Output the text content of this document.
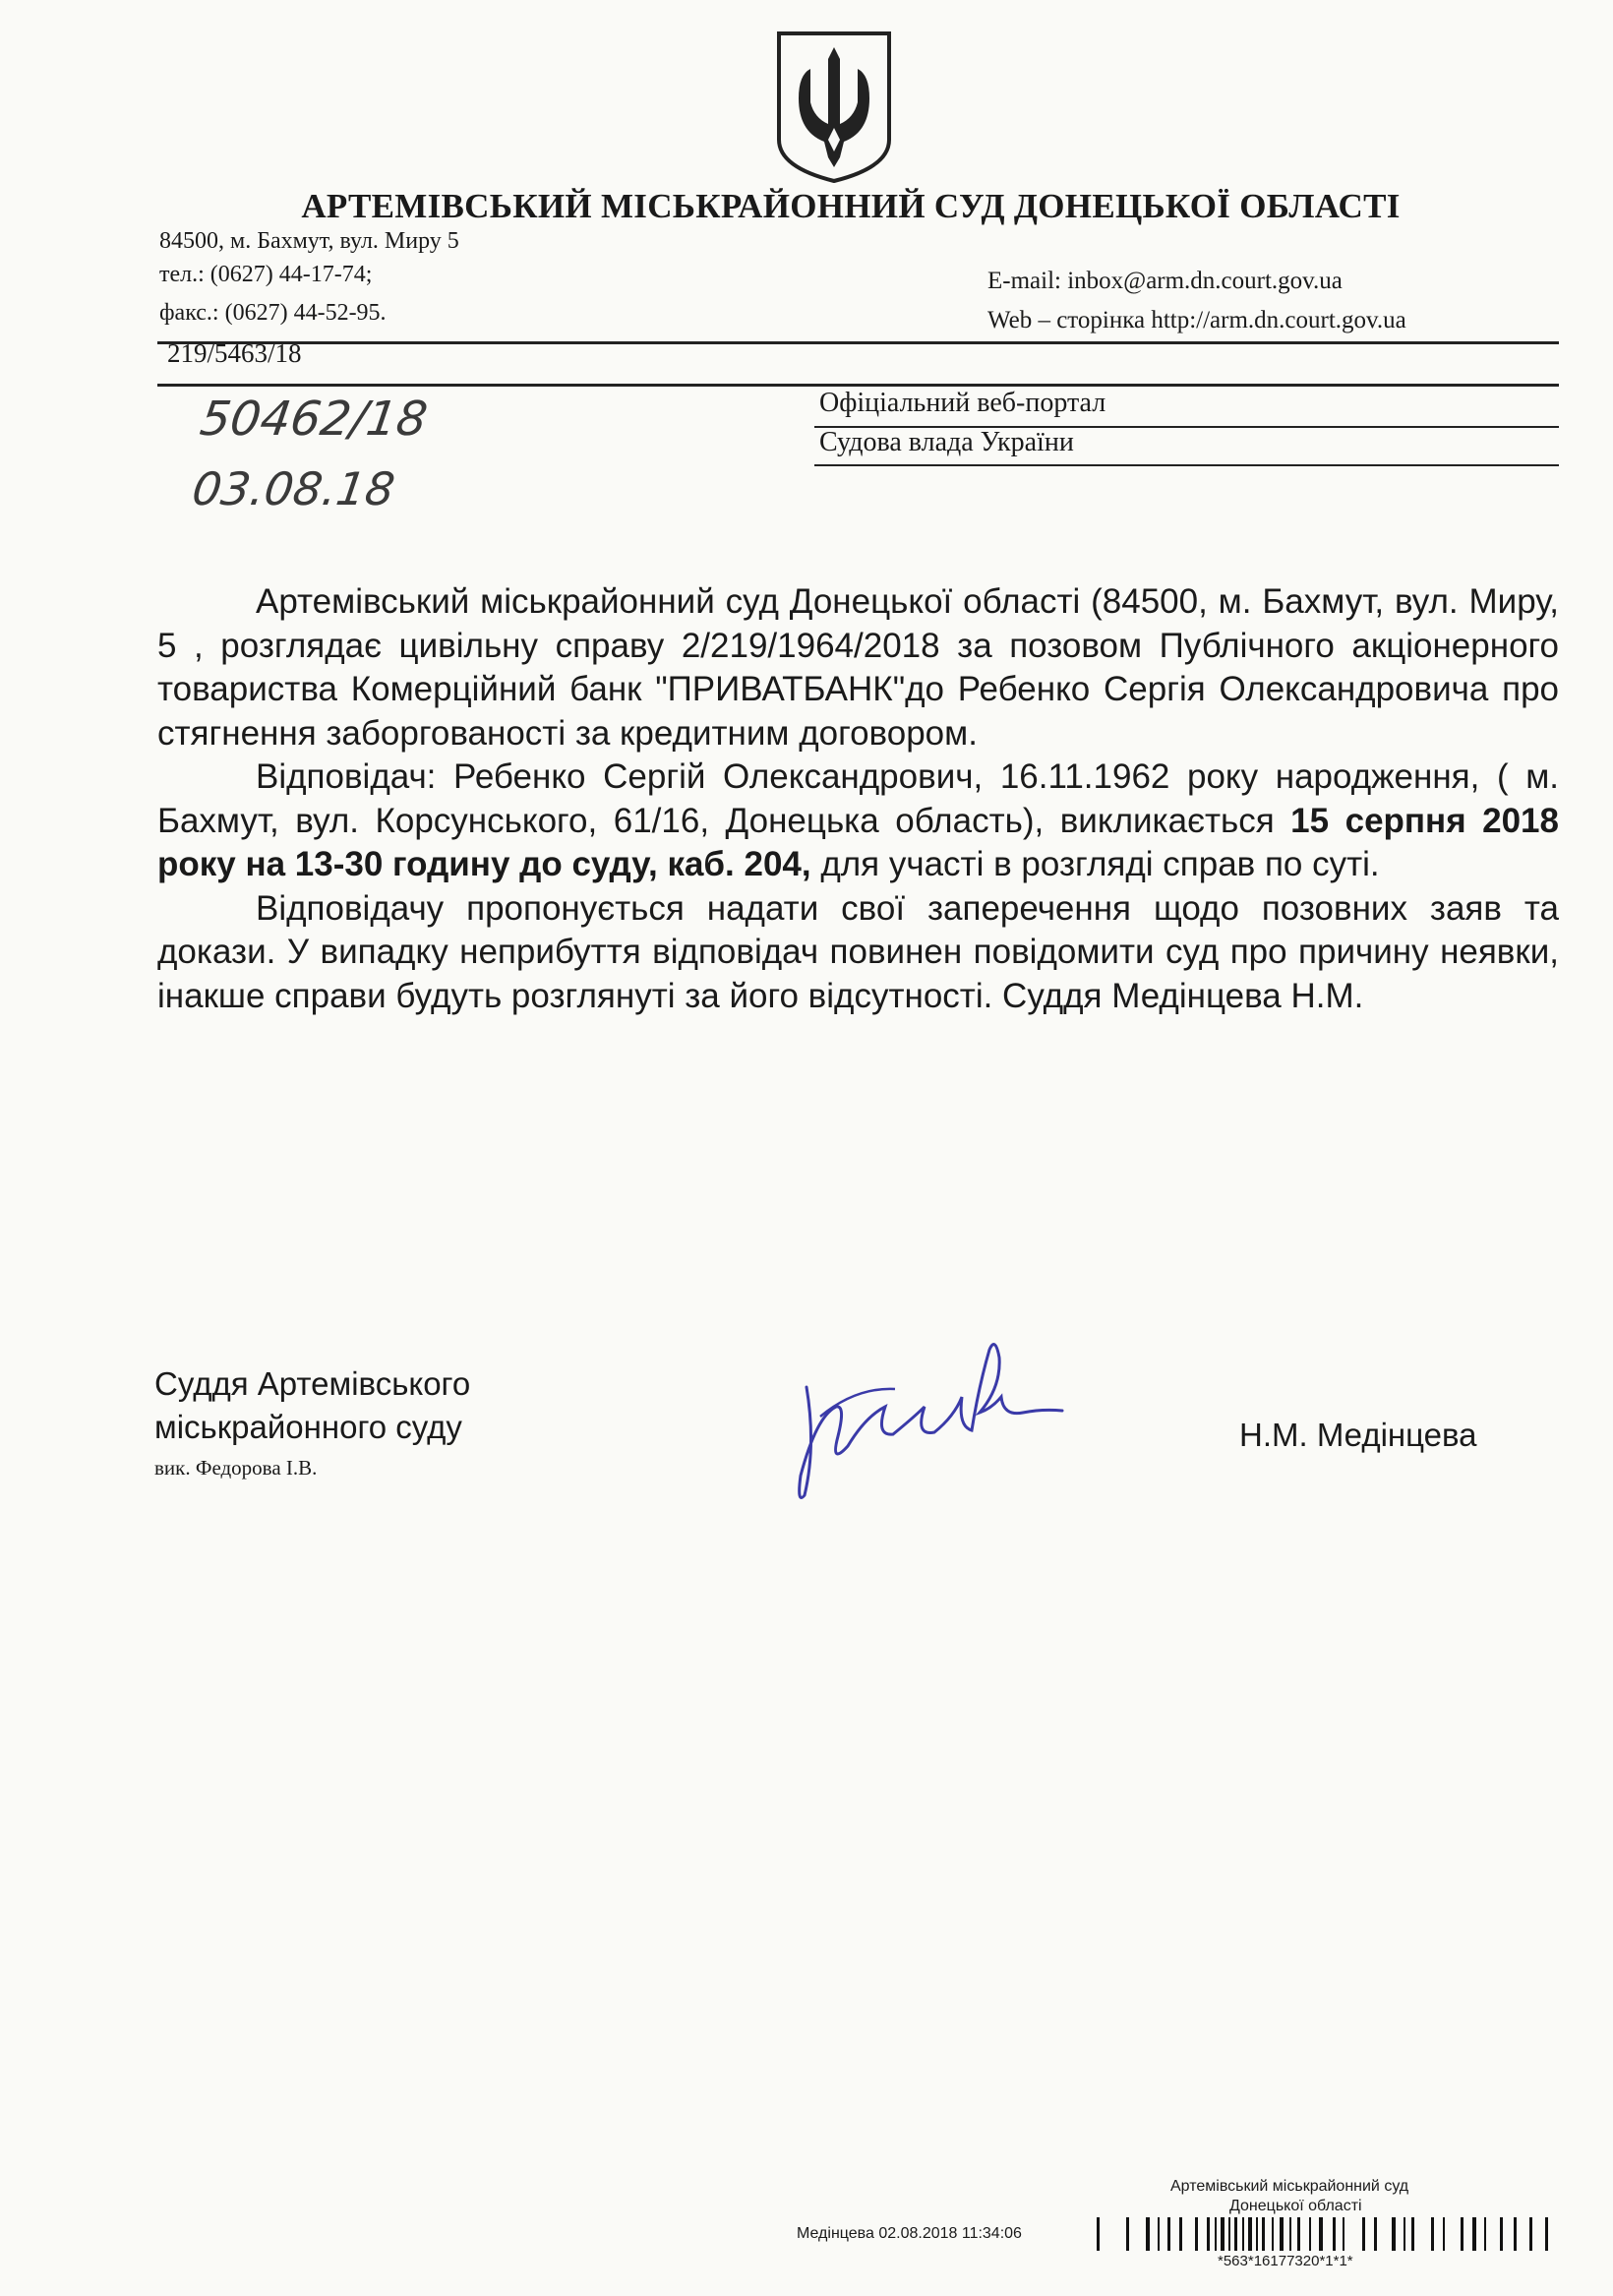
АРТЕМІВСЬКИЙ МІСЬКРАЙОННИЙ СУД ДОНЕЦЬКОЇ ОБЛАСТІ
84500, м. Бахмут, вул. Миру 5
тел.: (0627) 44-17-74;
факс.: (0627) 44-52-95.
E-mail: inbox@arm.dn.court.gov.ua
Web – сторінка http://arm.dn.court.gov.ua
219/5463/18
Офіціальний веб-портал
Судова влада України
50462/18
03.08.18

Артемівський міськрайонний суд Донецької області (84500, м. Бахмут, вул. Миру, 5 , розглядає цивільну справу 2/219/1964/2018 за позовом Публічного акціонерного товариства Комерційний банк "ПРИВАТБАНК"до Ребенко Сергія Олександровича про стягнення заборгованості за кредитним договором.

Відповідач: Ребенко Сергій Олександрович, 16.11.1962 року народження, ( м. Бахмут, вул. Корсунського, 61/16, Донецька область), викликається 15 серпня 2018 року на 13-30 годину до суду, каб. 204, для участі в розгляді справ по суті.

Відповідачу пропонується надати свої заперечення щодо позовних заяв та докази. У випадку неприбуття відповідач повинен повідомити суд про причину неявки, інакше справи будуть розглянуті за його відсутності. Суддя Медінцева Н.М.

Суддя Артемівського
міськрайонного суду
вик. Федорова І.В.
Н.М. Медінцева
Артемівський міськрайонний суд
Донецької області
Медінцева 02.08.2018 11:34:06
*563*16177320*1*1*
